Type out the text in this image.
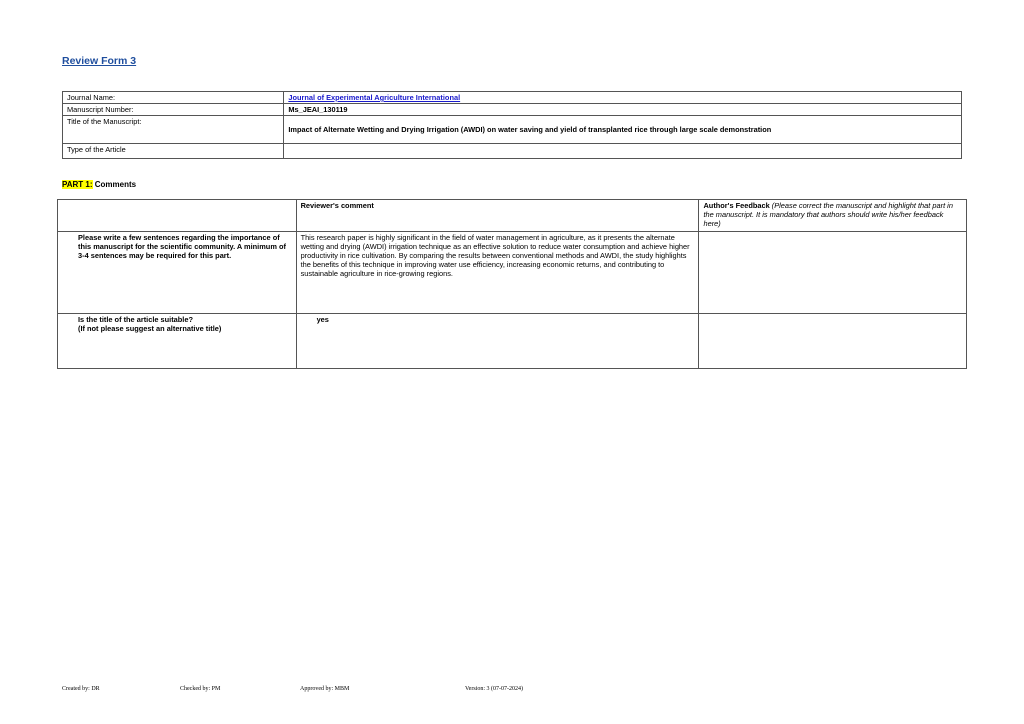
Review Form 3
Journal Name:	Journal of Experimental Agriculture International
Manuscript Number:	Ms_JEAI_130119
Title of the Manuscript:	Impact of Alternate Wetting and Drying Irrigation (AWDI) on water saving and yield of transplanted rice through large scale demonstration
Type of the Article	
PART 1: Comments
	Reviewer's comment	Author's Feedback (Please correct the manuscript and highlight that part in the manuscript. It is mandatory that authors should write his/her feedback here)
Please write a few sentences regarding the importance of this manuscript for the scientific community. A minimum of 3-4 sentences may be required for this part.	This research paper is highly significant in the field of water management in agriculture, as it presents the alternate wetting and drying (AWDI) irrigation technique as an effective solution to reduce water consumption and achieve higher productivity in rice cultivation. By comparing the results between conventional methods and AWDI, the study highlights the benefits of this technique in improving water use efficiency, increasing economic returns, and contributing to sustainable agriculture in rice-growing regions.	

Is the title of the article suitable?
(If not please suggest an alternative title)	yes	
Created by: DR	Checked by: PM	Approved by: MBM	Version: 3 (07-07-2024)
